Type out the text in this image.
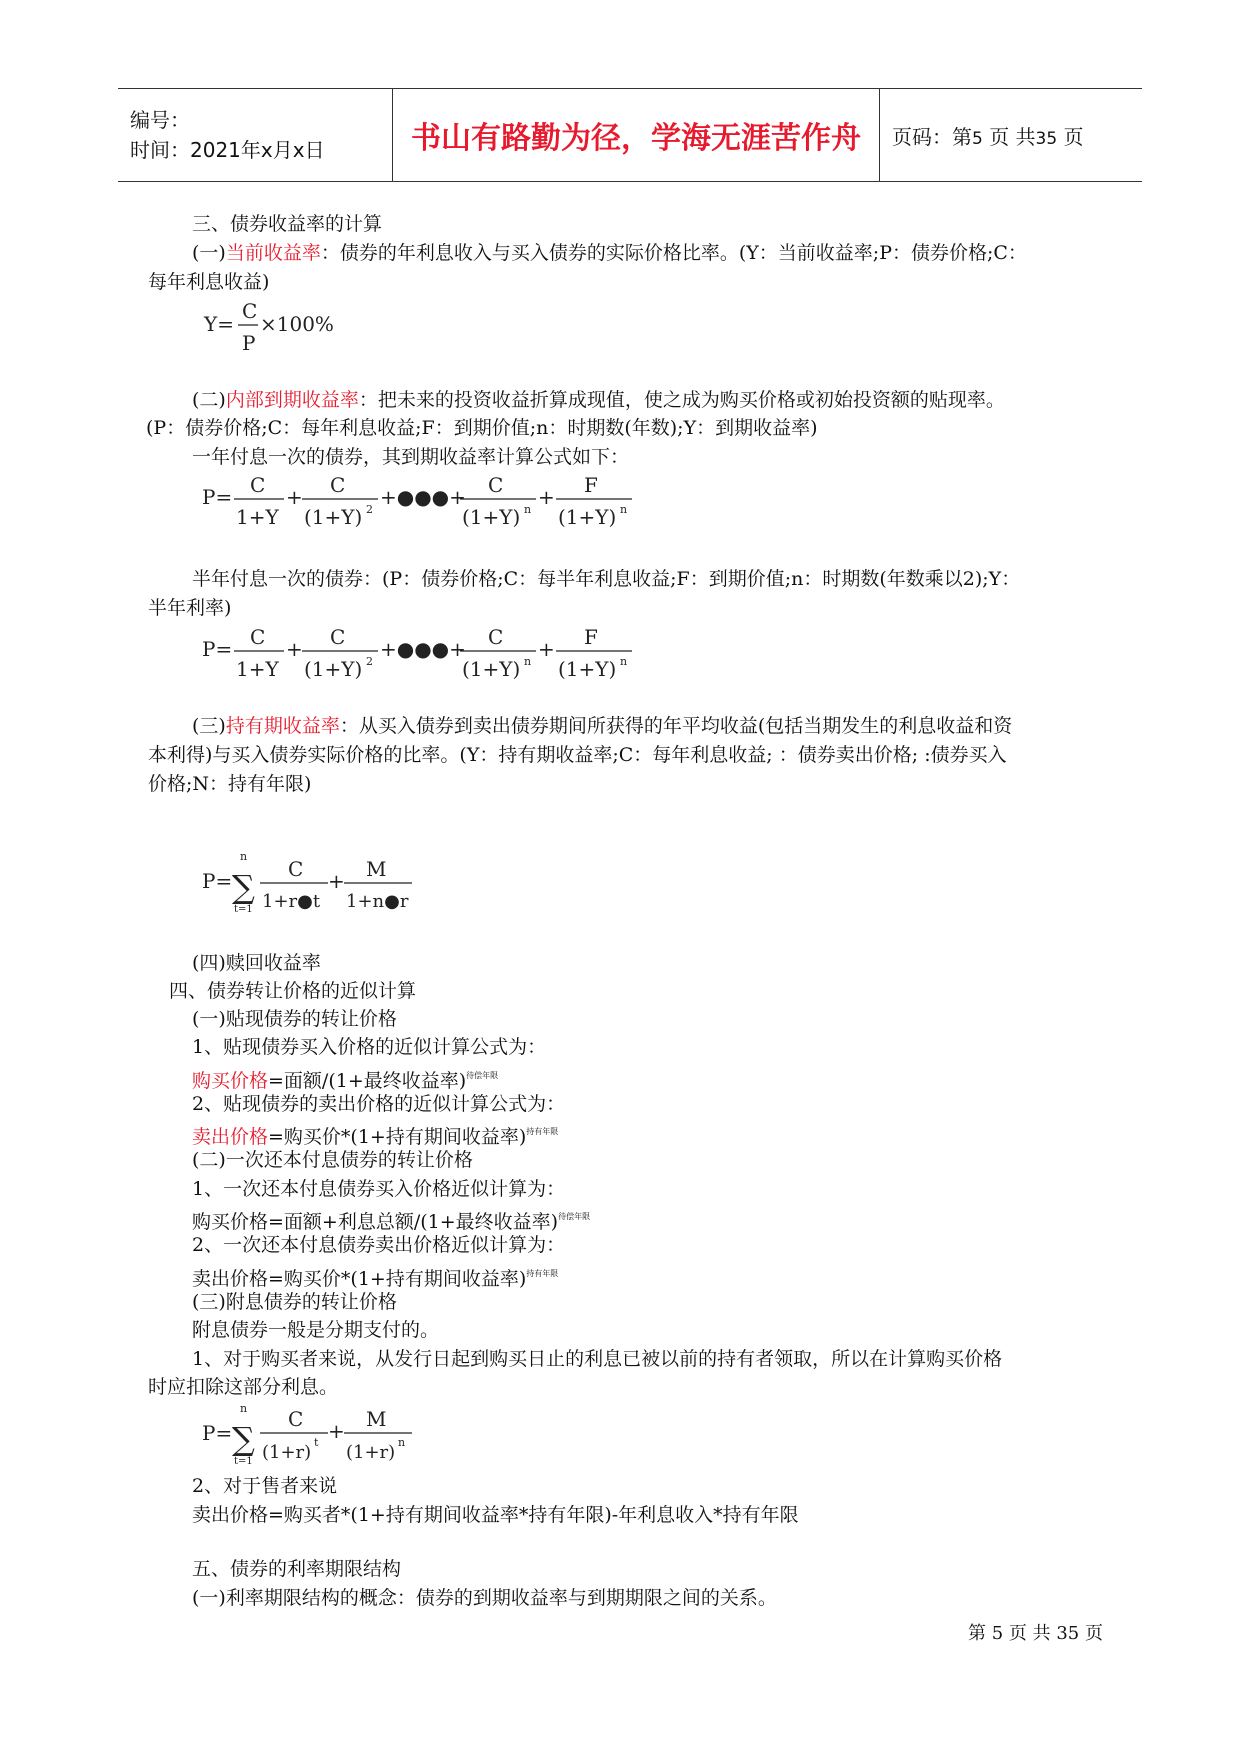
编号：
时间：2021年x月x日	书山有路勤为径，学海无涯苦作舟 页码：第5 页 共35 页
三、债券收益率的计算
(一)当前收益率：债券的年利息收入与买入债券的实际价格比率。(Y：当前收益率;P：债券价格;C：
每年利息收益)
(二)内部到期收益率：把未来的投资收益折算成现值，使之成为购买价格或初始投资额的贴现率。
(P：债券价格;C：每年利息收益;F：到期价值;n：时期数(年数);Y：到期收益率)
一年付息一次的债券，其到期收益率计算公式如下：
半年付息一次的债券：(P：债券价格;C：每半年利息收益;F：到期价值;n：时期数(年数乘以2);Y：
半年利率)
(三)持有期收益率：从买入债券到卖出债券期间所获得的年平均收益(包括当期发生的利息收益和资
本利得)与买入债券实际价格的比率。(Y：持有期收益率;C：每年利息收益; ：债券卖出价格; :债券买入
价格;N：持有年限)
(四)赎回收益率
四、债券转让价格的近似计算
(一)贴现债券的转让价格
1、贴现债券买入价格的近似计算公式为：
购买价格=面额/(1+最终收益率)$^{待偿年限}$
2、贴现债券的卖出价格的近似计算公式为：
卖出价格=购买价*(1+持有期间收益率)$^{持有年限}$
(二)一次还本付息债券的转让价格
1、一次还本付息债券买入价格近似计算为：
购买价格=面额+利息总额/(1+最终收益率)$^{待偿年限}$
2、一次还本付息债券卖出价格近似计算为：
卖出价格=购买价*(1+持有期间收益率)$^{持有年限}$
(三)附息债券的转让价格
附息债券一般是分期支付的。
1、对于购买者来说，从发行日起到购买日止的利息已被以前的持有者领取，所以在计算购买价格
时应扣除这部分利息。
2、对于售者来说
卖出价格=购买者*(1+持有期间收益率*持有年限)-年利息收入*持有年限
五、债券的利率期限结构
(一)利率期限结构的概念：债券的到期收益率与到期期限之间的关系。
Y=
C
P
×100%
P= C
1+Y
+ C
(1+Y) 2
+●●●+ C
(1+Y) n
+ F
(1+Y) n
P= C
1+Y
+ C
(1+Y) 2
+●●●+ C
(1+Y) n
+ F
(1+Y) n
P=
n
∑
t=1
C
1+r●t
+ M
1+n●r
P=
n
∑
t=1
C
(1+r) t + M
(1+r) n
第 5 页 共 35 页
